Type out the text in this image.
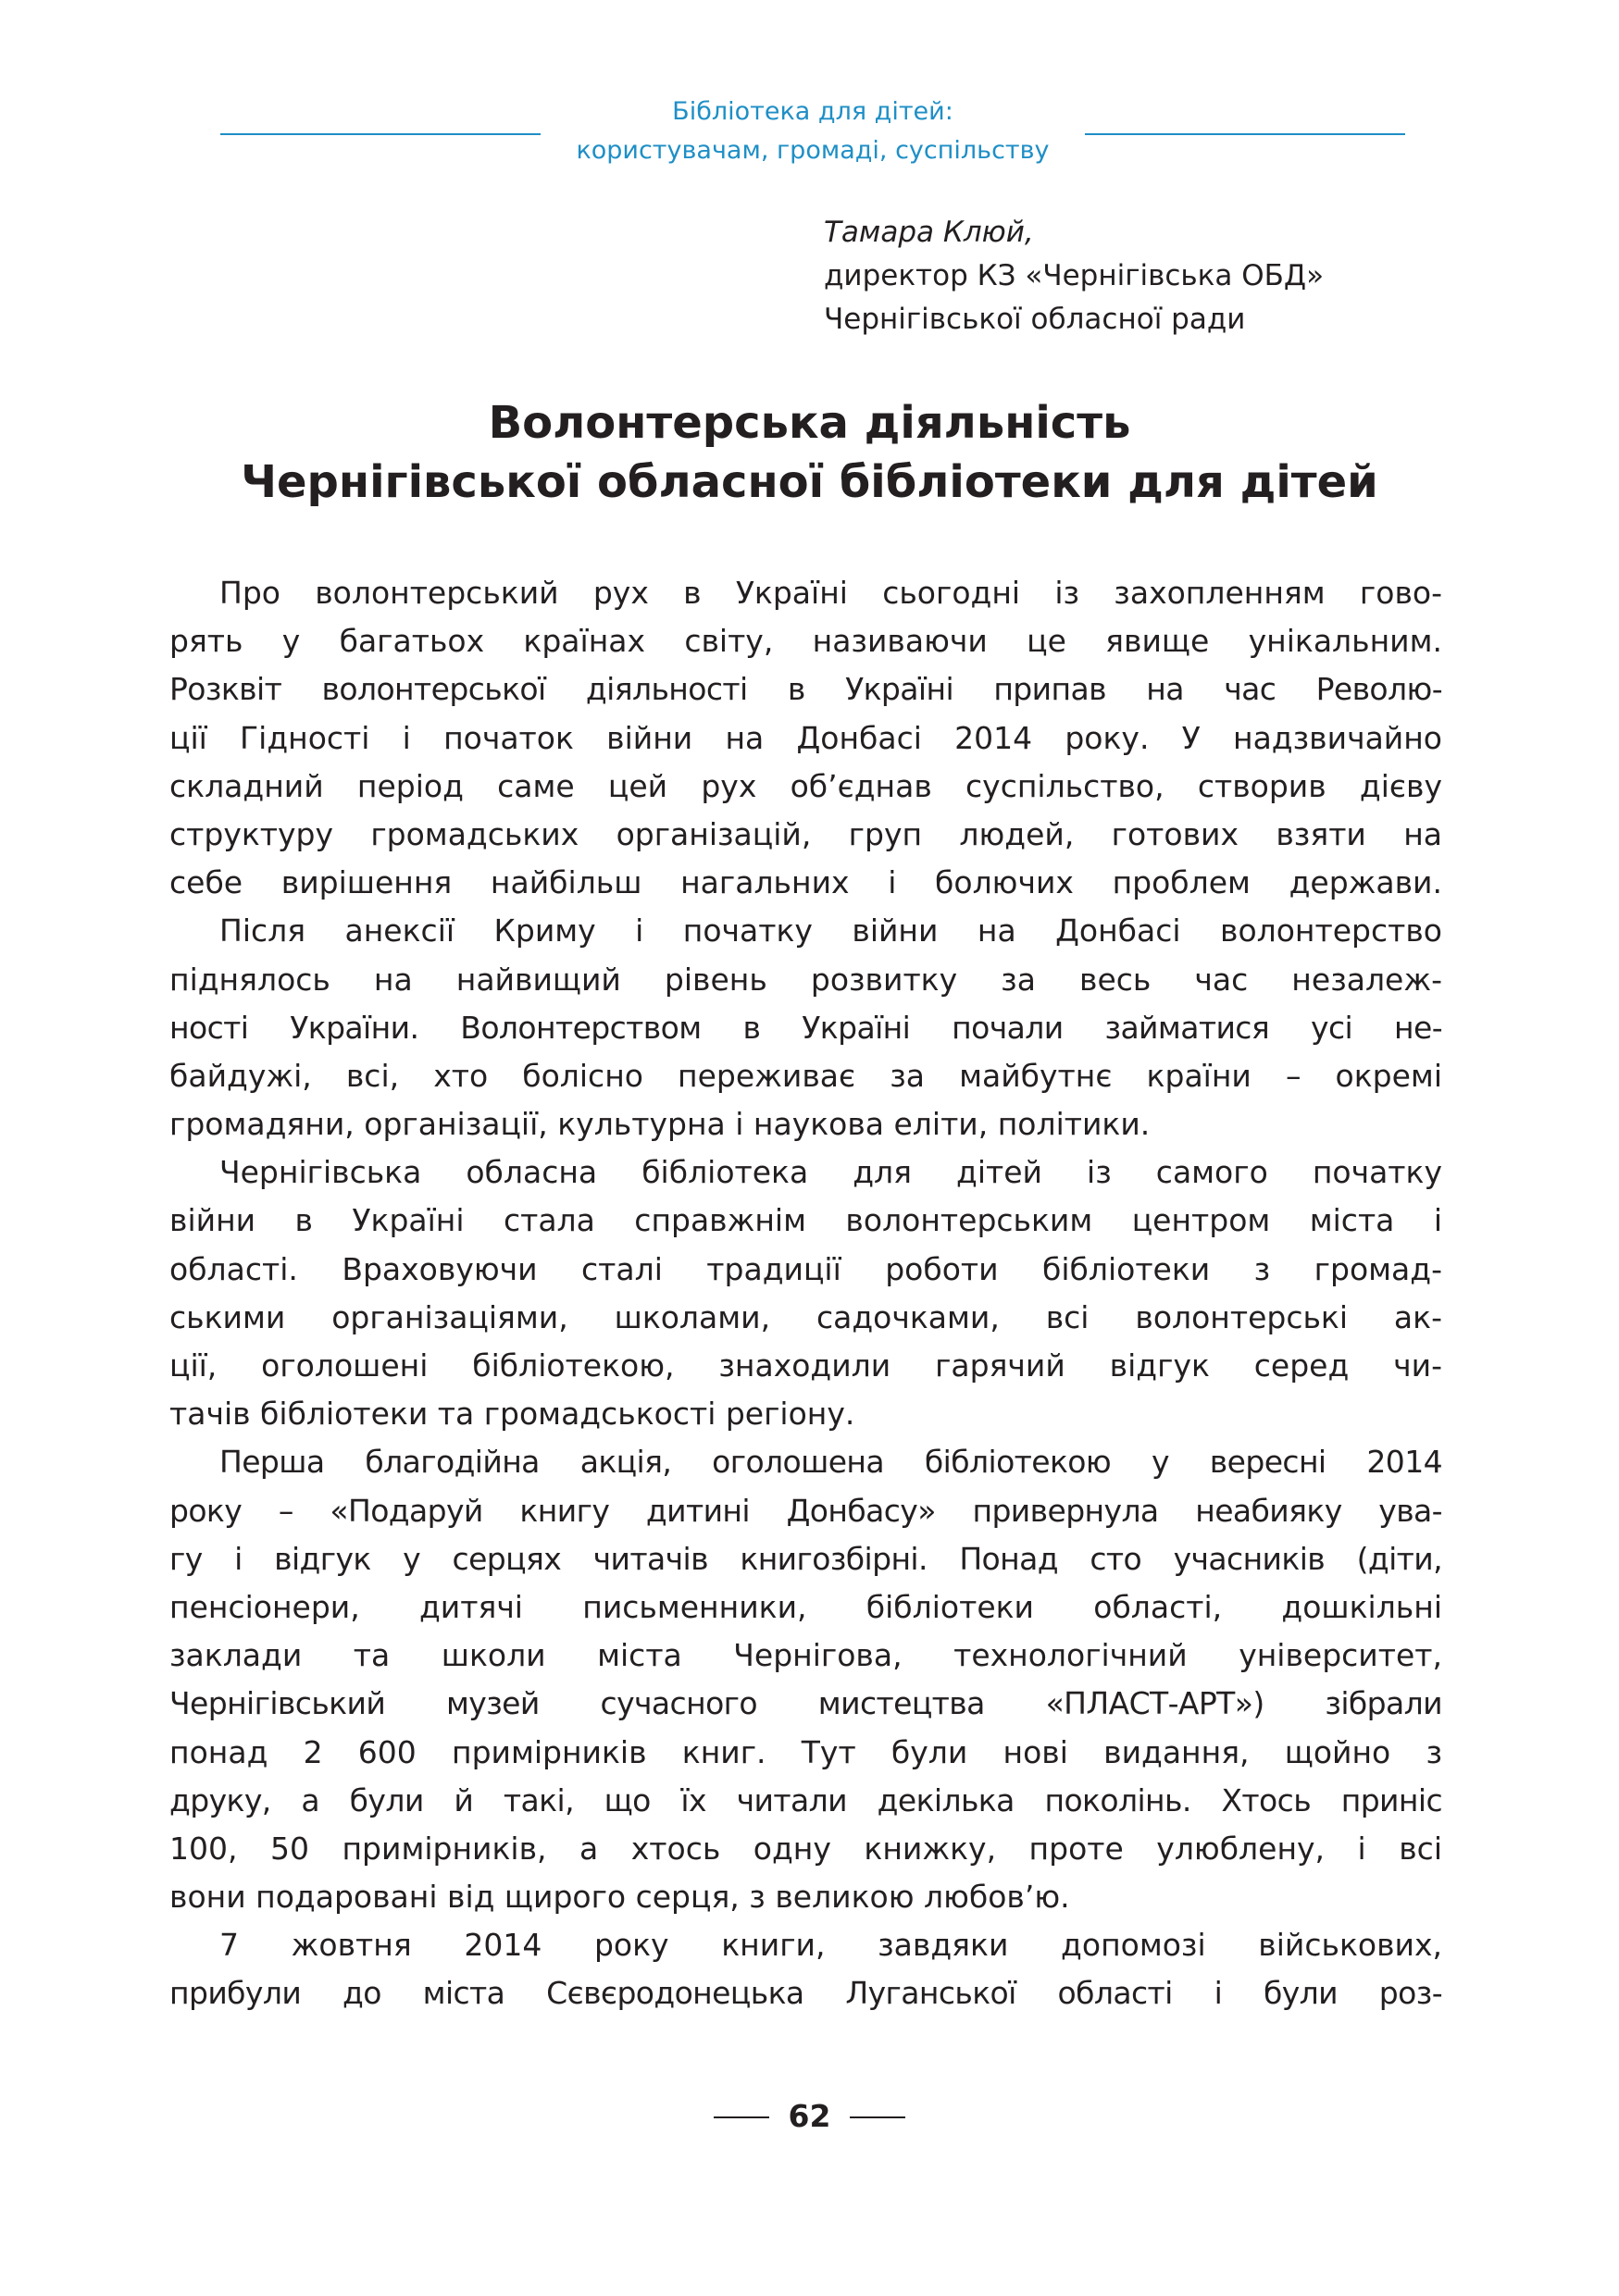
Бібліотека для дітей:
користувачам, громаді, суспільству
Тамара Клюй,
директор КЗ «Чернігівська ОБД»
Чернігівської обласної ради
Волонтерська діяльність
Чернігівської обласної бібліотеки для дітей
Про волонтерський рух в Україні сьогодні із захопленням гово-
рять у багатьох країнах світу, називаючи це явище унікальним.
Розквіт волонтерської діяльності в Україні припав на час Револю-
ції Гідності і початок війни на Донбасі 2014 року. У надзвичайно
складний період саме цей рух об’єднав суспільство, створив дієву
структуру громадських організацій, груп людей, готових взяти на
себе вирішення найбільш нагальних і болючих проблем держави.
Після анексії Криму і початку війни на Донбасі волонтерство
піднялось на найвищий рівень розвитку за весь час незалеж-
ності України. Волонтерством в Україні почали займатися усі не-
байдужі, всі, хто болісно переживає за майбутнє країни – окремі
громадяни, організації, культурна і наукова еліти, політики.
Чернігівська обласна бібліотека для дітей із самого початку
війни в Україні стала справжнім волонтерським центром міста і
області. Враховуючи сталі традиції роботи бібліотеки з громад-
ськими організаціями, школами, садочками, всі волонтерські ак-
ції, оголошені бібліотекою, знаходили гарячий відгук серед чи-
тачів бібліотеки та громадськості регіону.
Перша благодійна акція, оголошена бібліотекою у вересні 2014
року – «Подаруй книгу дитині Донбасу» привернула неабияку ува-
гу і відгук у серцях читачів книгозбірні. Понад сто учасників (діти,
пенсіонери, дитячі письменники, бібліотеки області, дошкільні
заклади та школи міста Чернігова, технологічний університет,
Чернігівський музей сучасного мистецтва «ПЛАСТ-АРТ») зібрали
понад 2 600 примірників книг. Тут були нові видання, щойно з
друку, а були й такі, що їх читали декілька поколінь. Хтось приніс
100, 50 примірників, а хтось одну книжку, проте улюблену, і всі
вони подаровані від щирого серця, з великою любов’ю.
7 жовтня 2014 року книги, завдяки допомозі військових,
прибули до міста Сєвєродонецька Луганської області і були роз-
62
